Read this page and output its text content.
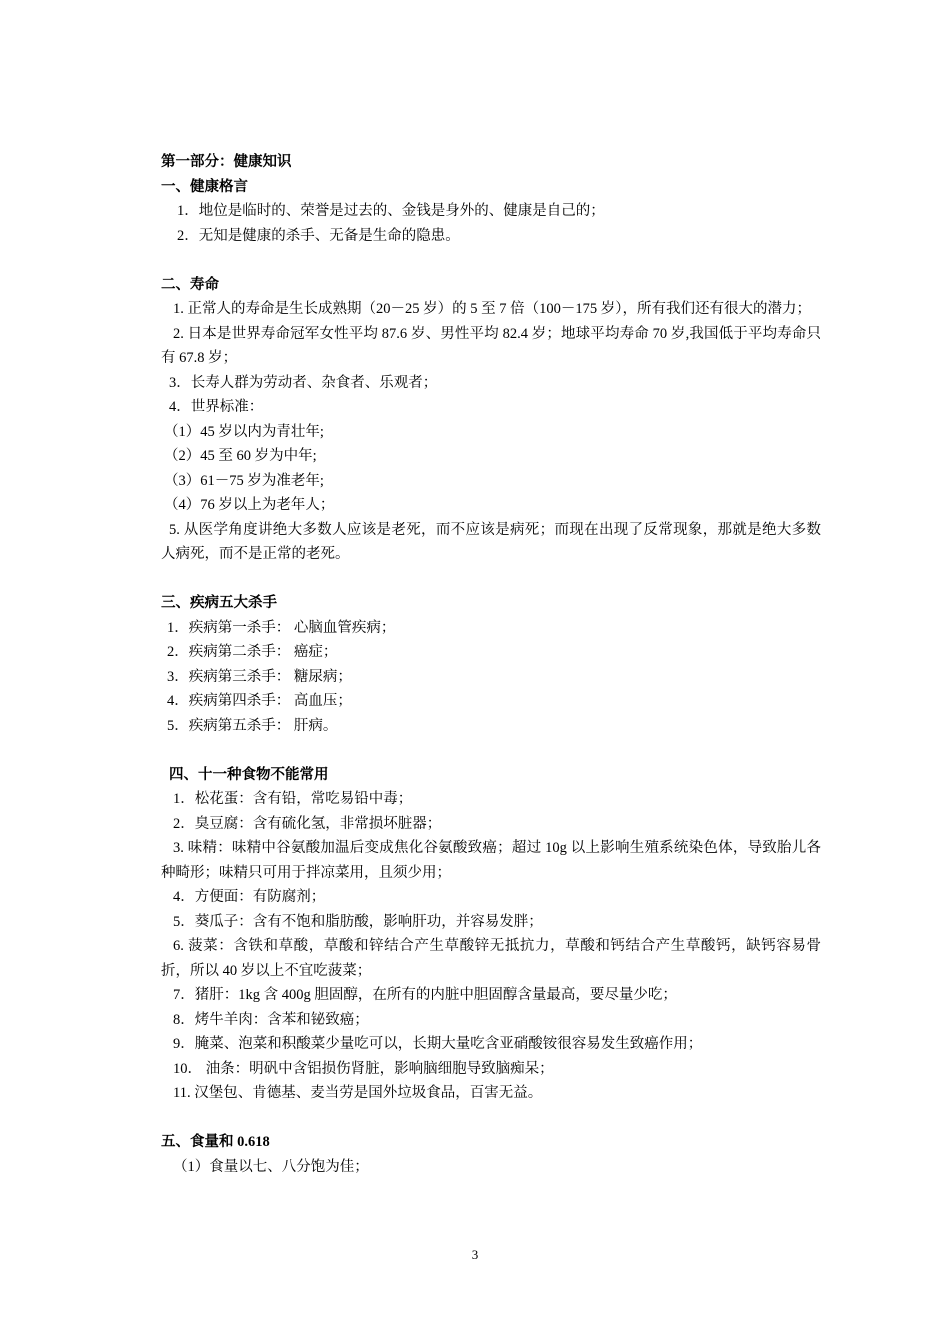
第一部分：健康知识
一、健康格言
1．地位是临时的、荣誉是过去的、金钱是身外的、健康是自己的；
2．无知是健康的杀手、无备是生命的隐患。
二、寿命
1. 正常人的寿命是生长成熟期（20－25 岁）的 5 至 7 倍（100－175 岁），所有我们还有很大的潜力；
2. 日本是世界寿命冠军女性平均 87.6 岁、男性平均 82.4 岁；地球平均寿命 70 岁,我国低于平均寿命只有 67.8 岁；
3．长寿人群为劳动者、杂食者、乐观者；
4．世界标准：
（1）45 岁以内为青壮年;
（2）45 至 60 岁为中年;
（3）61－75 岁为准老年;
（4）76 岁以上为老年人；
5. 从医学角度讲绝大多数人应该是老死，而不应该是病死；而现在出现了反常现象，那就是绝大多数人病死，而不是正常的老死。
三、疾病五大杀手
1．疾病第一杀手： 心脑血管疾病；
2．疾病第二杀手： 癌症；
3．疾病第三杀手： 糖尿病；
4．疾病第四杀手： 高血压；
5．疾病第五杀手： 肝病。
四、十一种食物不能常用
1．松花蛋：含有铅，常吃易铅中毒；
2．臭豆腐：含有硫化氢，非常损坏脏器；
3. 味精：味精中谷氨酸加温后变成焦化谷氨酸致癌；超过 10g 以上影响生殖系统染色体，导致胎儿各种畸形；味精只可用于拌凉菜用，且须少用；
4．方便面：有防腐剂；
5．葵瓜子：含有不饱和脂肪酸，影响肝功，并容易发胖；
6. 菠菜：含铁和草酸，草酸和锌结合产生草酸锌无抵抗力，草酸和钙结合产生草酸钙，缺钙容易骨折，所以 40 岁以上不宜吃菠菜；
7．猪肝：1kg 含 400g 胆固醇，在所有的内脏中胆固醇含量最高，要尽量少吃；
8．烤牛羊肉：含苯和铋致癌；
9．腌菜、泡菜和积酸菜少量吃可以，长期大量吃含亚硝酸铵很容易发生致癌作用；
10． 油条：明矾中含铝损伤肾脏，影响脑细胞导致脑痴呆；
11. 汉堡包、肯德基、麦当劳是国外垃圾食品，百害无益。
五、食量和 0.618
（1）食量以七、八分饱为佳；
3
